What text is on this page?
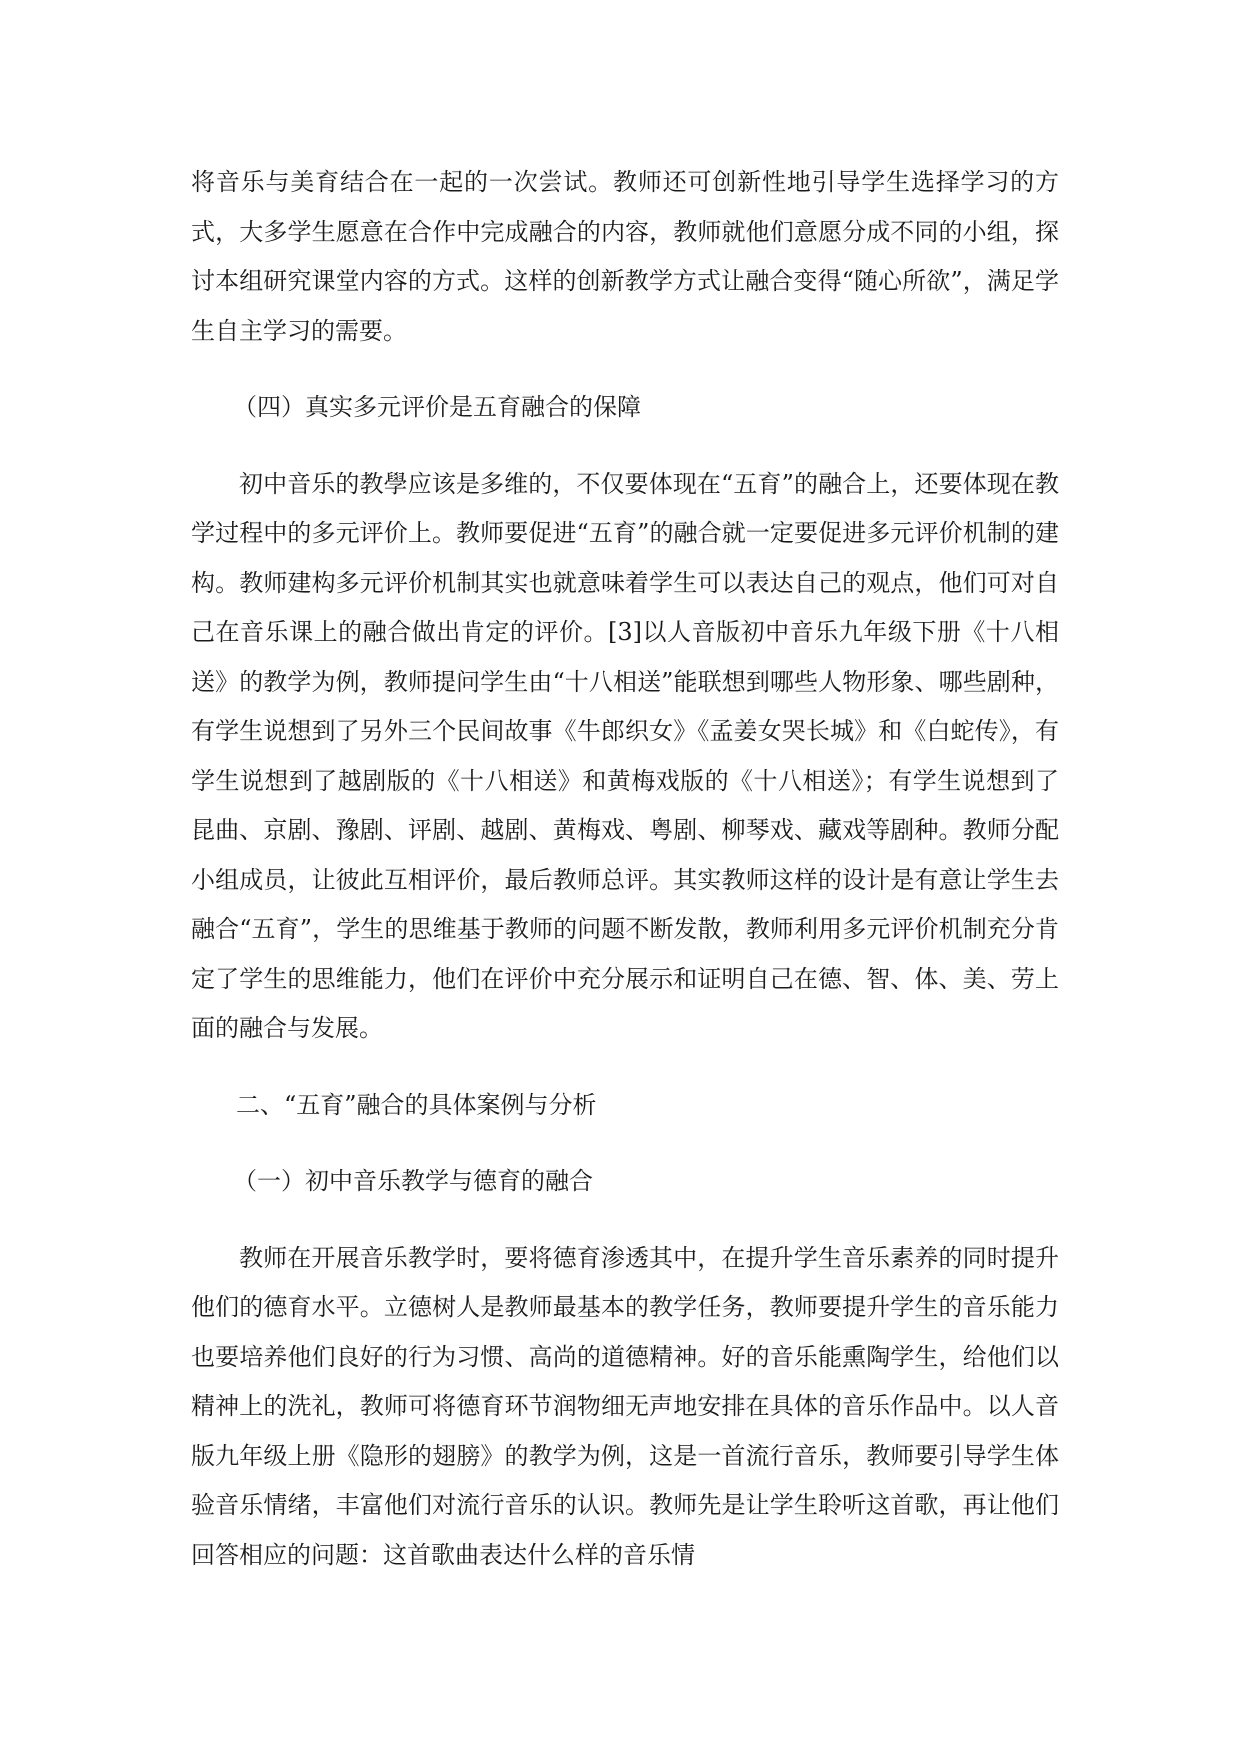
将音乐与美育结合在一起的一次尝试。教师还可创新性地引导学生选择学习的方式，大多学生愿意在合作中完成融合的内容，教师就他们意愿分成不同的小组，探讨本组研究课堂内容的方式。这样的创新教学方式让融合变得“随心所欲”，满足学生自主学习的需要。

（四）真实多元评价是五育融合的保障

初中音乐的教學应该是多维的，不仅要体现在“五育”的融合上，还要体现在教学过程中的多元评价上。教师要促进“五育”的融合就一定要促进多元评价机制的建构。教师建构多元评价机制其实也就意味着学生可以表达自己的观点，他们可对自己在音乐课上的融合做出肯定的评价。[3]以人音版初中音乐九年级下册《十八相送》的教学为例，教师提问学生由“十八相送”能联想到哪些人物形象、哪些剧种，有学生说想到了另外三个民间故事《牛郎织女》《孟姜女哭长城》和《白蛇传》，有学生说想到了越剧版的《十八相送》和黄梅戏版的《十八相送》；有学生说想到了昆曲、京剧、豫剧、评剧、越剧、黄梅戏、粤剧、柳琴戏、藏戏等剧种。教师分配小组成员，让彼此互相评价，最后教师总评。其实教师这样的设计是有意让学生去融合“五育”，学生的思维基于教师的问题不断发散，教师利用多元评价机制充分肯定了学生的思维能力，他们在评价中充分展示和证明自己在德、智、体、美、劳上面的融合与发展。

二、“五育”融合的具体案例与分析
（一）初中音乐教学与德育的融合

教师在开展音乐教学时，要将德育渗透其中，在提升学生音乐素养的同时提升他们的德育水平。立德树人是教师最基本的教学任务，教师要提升学生的音乐能力也要培养他们良好的行为习惯、高尚的道德精神。好的音乐能熏陶学生，给他们以精神上的洗礼，教师可将德育环节润物细无声地安排在具体的音乐作品中。以人音版九年级上册《隐形的翅膀》的教学为例，这是一首流行音乐，教师要引导学生体验音乐情绪，丰富他们对流行音乐的认识。教师先是让学生聆听这首歌，再让他们回答相应的问题：这首歌曲表达什么样的音乐情
